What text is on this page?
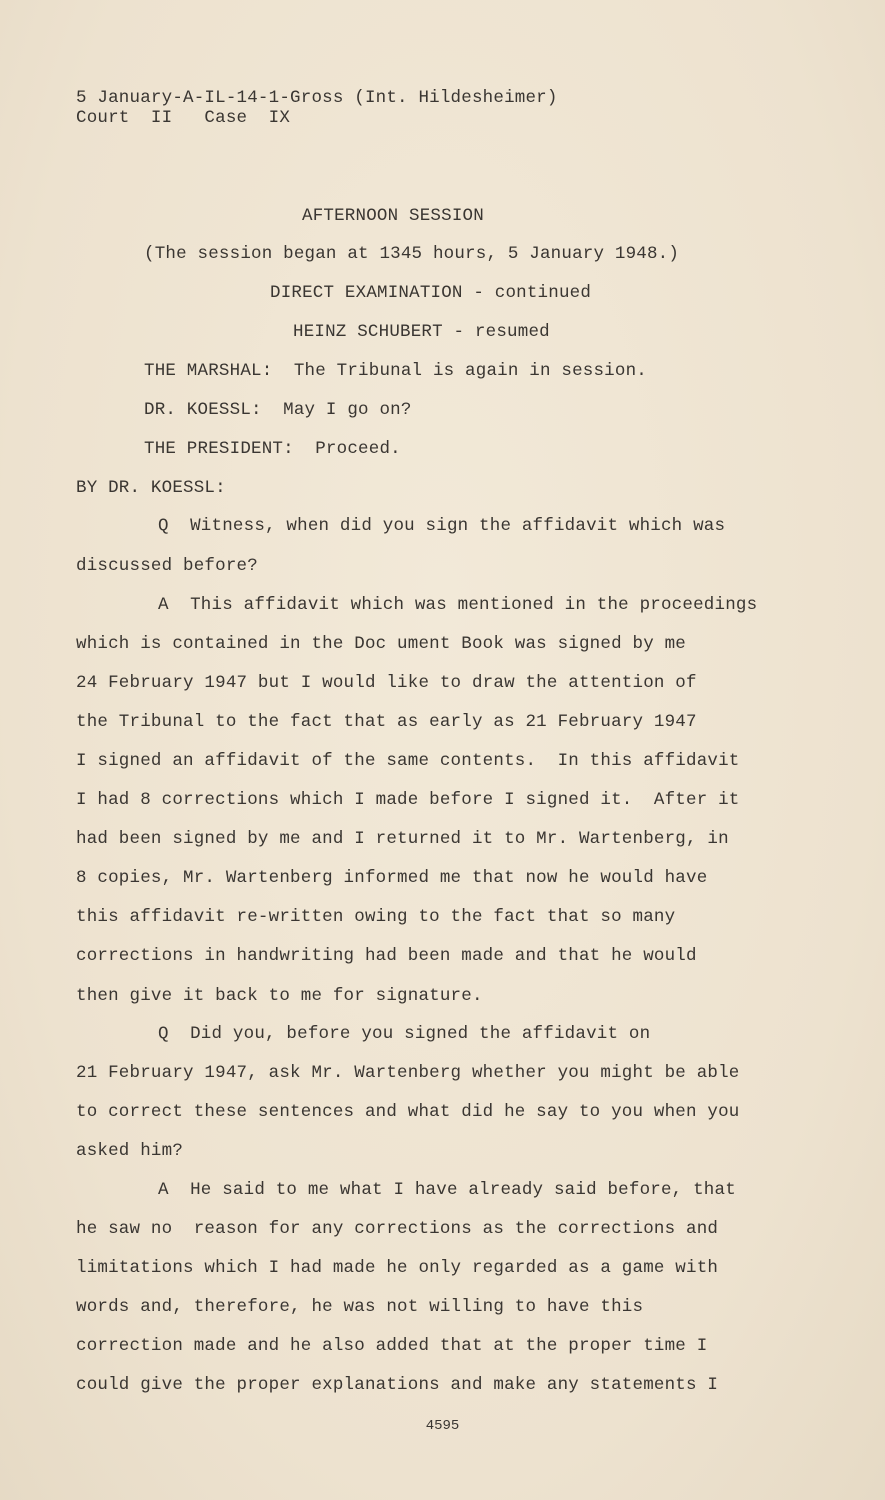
5 January-A-IL-14-1-Gross (Int. Hildesheimer)
Court  II   Case  IX
AFTERNOON SESSION
(The session began at 1345 hours, 5 January 1948.)
DIRECT EXAMINATION - continued
HEINZ SCHUBERT - resumed
THE MARSHAL:  The Tribunal is again in session.
DR. KOESSL:  May I go on?
THE PRESIDENT:  Proceed.
BY DR. KOESSL:
Q  Witness, when did you sign the affidavit which was
discussed before?
A  This affidavit which was mentioned in the proceedings
which is contained in the Doc ument Book was signed by me
24 February 1947 but I would like to draw the attention of
the Tribunal to the fact that as early as 21 February 1947
I signed an affidavit of the same contents.  In this affidavit
I had 8 corrections which I made before I signed it.  After it
had been signed by me and I returned it to Mr. Wartenberg, in
8 copies, Mr. Wartenberg informed me that now he would have
this affidavit re-written owing to the fact that so many
corrections in handwriting had been made and that he would
then give it back to me for signature.
Q  Did you, before you signed the affidavit on
21 February 1947, ask Mr. Wartenberg whether you might be able
to correct these sentences and what did he say to you when you
asked him?
A  He said to me what I have already said before, that
he saw no  reason for any corrections as the corrections and
limitations which I had made he only regarded as a game with
words and, therefore, he was not willing to have this
correction made and he also added that at the proper time I
could give the proper explanations and make any statements I
4595
